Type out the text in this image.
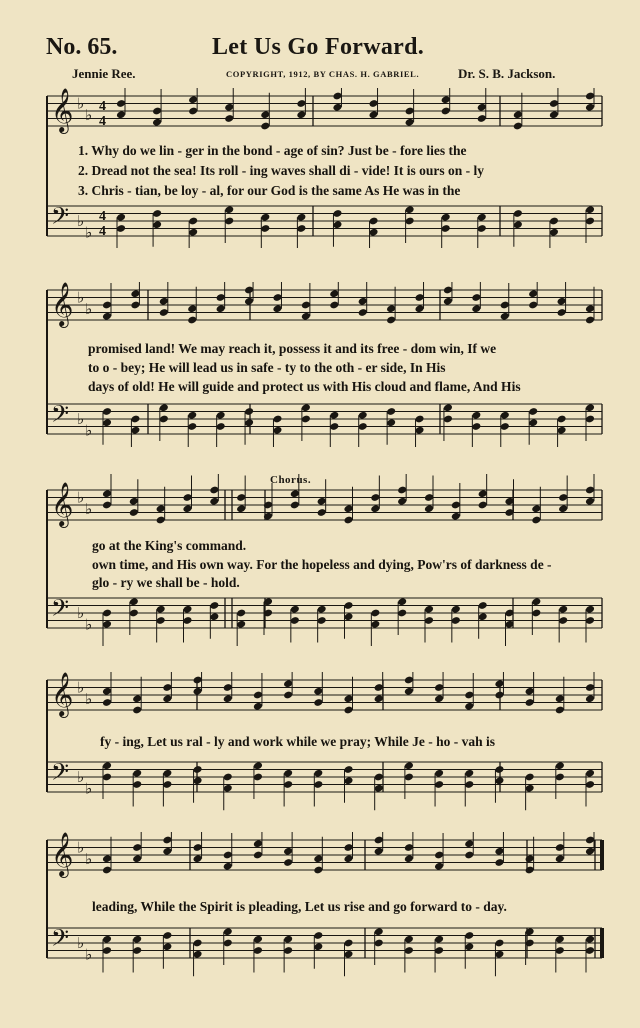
No. 65.	Let Us Go Forward.
Jennie Ree.	COPYRIGHT, 1912, BY CHAS. H. GABRIEL.	Dr. S. B. Jackson.
𝄞
𝄢
♭
♭
♭
♭
4
4
4
4
1. Why do we lin - ger in the bond - age of sin? Just be - fore lies the
2. Dread not the sea! Its roll - ing waves shall di - vide! It is ours on - ly
3. Chris - tian, be loy - al, for our God is the same As He was in the
𝄞
𝄢
♭
♭
♭
♭
promised land! We may reach it, possess it and its free - dom win, If we
to o - bey; He will lead us in safe - ty to the oth - er side, In His
days of old! He will guide and protect us with His cloud and flame, And His
Chorus.
𝄞
𝄢
♭
♭
♭
♭
go at the King's command.
own time, and His own way. For the hopeless and dying, Pow'rs of darkness de -
glo - ry we shall be - hold.
𝄞
𝄢
♭
♭
♭
♭
fy - ing, Let us ral - ly and work while we pray; While Je - ho - vah is
𝄞
𝄢
♭
♭
♭
♭
leading, While the Spirit is pleading, Let us rise and go forward to - day.
